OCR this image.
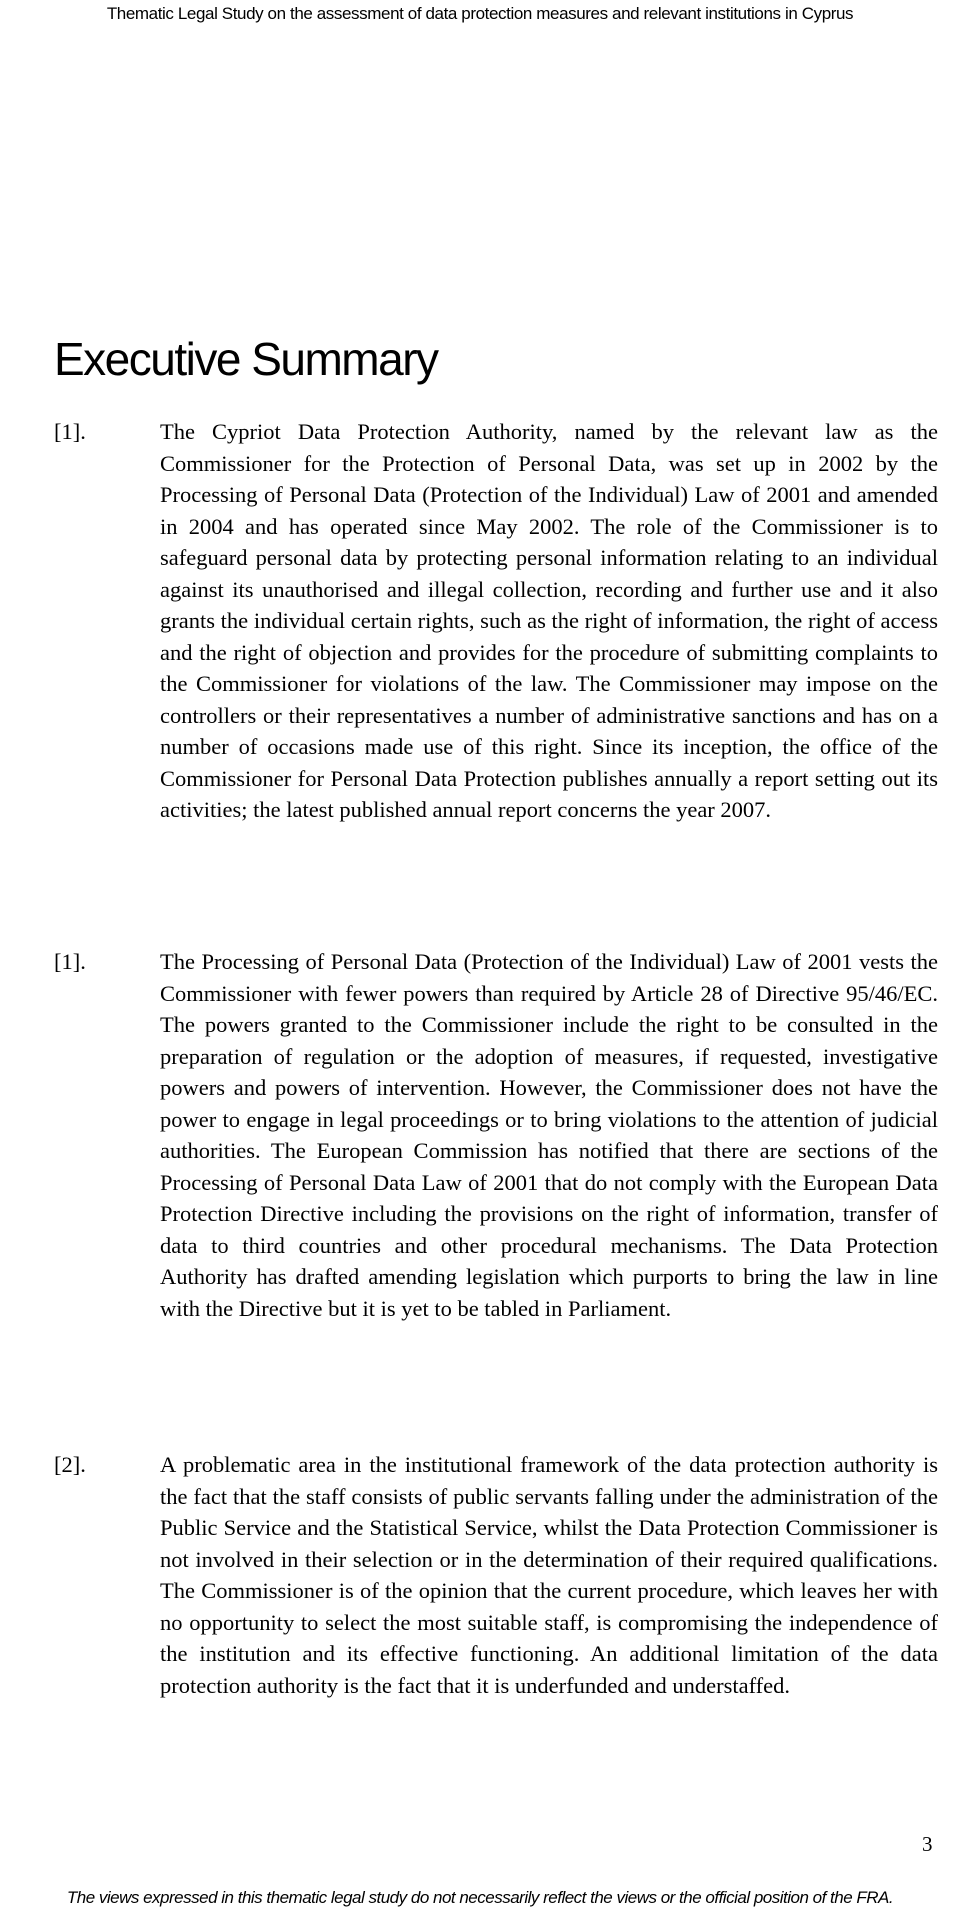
Thematic Legal Study on the assessment of data protection measures and relevant institutions in Cyprus
Executive Summary
[1].	The Cypriot Data Protection Authority, named by the relevant law as the Commissioner for the Protection of Personal Data, was set up in 2002 by the Processing of Personal Data (Protection of the Individual) Law of 2001 and amended in 2004 and has operated since May 2002. The role of the Commissioner is to safeguard personal data by protecting personal information relating to an individual against its unauthorised and illegal collection, recording and further use and it also grants the individual certain rights, such as the right of information, the right of access and the right of objection and provides for the procedure of submitting complaints to the Commissioner for violations of the law. The Commissioner may impose on the controllers or their representatives a number of administrative sanctions and has on a number of occasions made use of this right. Since its inception, the office of the Commissioner for Personal Data Protection publishes annually a report setting out its activities; the latest published annual report concerns the year 2007.

[1].	The Processing of Personal Data (Protection of the Individual) Law of 2001 vests the Commissioner with fewer powers than required by Article 28 of Directive 95/46/EC. The powers granted to the Commissioner include the right to be consulted in the preparation of regulation or the adoption of measures, if requested, investigative powers and powers of intervention. However, the Commissioner does not have the power to engage in legal proceedings or to bring violations to the attention of judicial authorities. The European Commission has notified that there are sections of the Processing of Personal Data Law of 2001 that do not comply with the European Data Protection Directive including the provisions on the right of information, transfer of data to third countries and other procedural mechanisms. The Data Protection Authority has drafted amending legislation which purports to bring the law in line with the Directive but it is yet to be tabled in Parliament.

[2].	A problematic area in the institutional framework of the data protection authority is the fact that the staff consists of public servants falling under the administration of the Public Service and the Statistical Service, whilst the Data Protection Commissioner is not involved in their selection or in the determination of their required qualifications. The Commissioner is of the opinion that the current procedure, which leaves her with no opportunity to select the most suitable staff, is compromising the independence of the institution and its effective functioning. An additional limitation of the data protection authority is the fact that it is underfunded and understaffed.

3
The views expressed in this thematic legal study do not necessarily reflect the views or the official position of the FRA.
